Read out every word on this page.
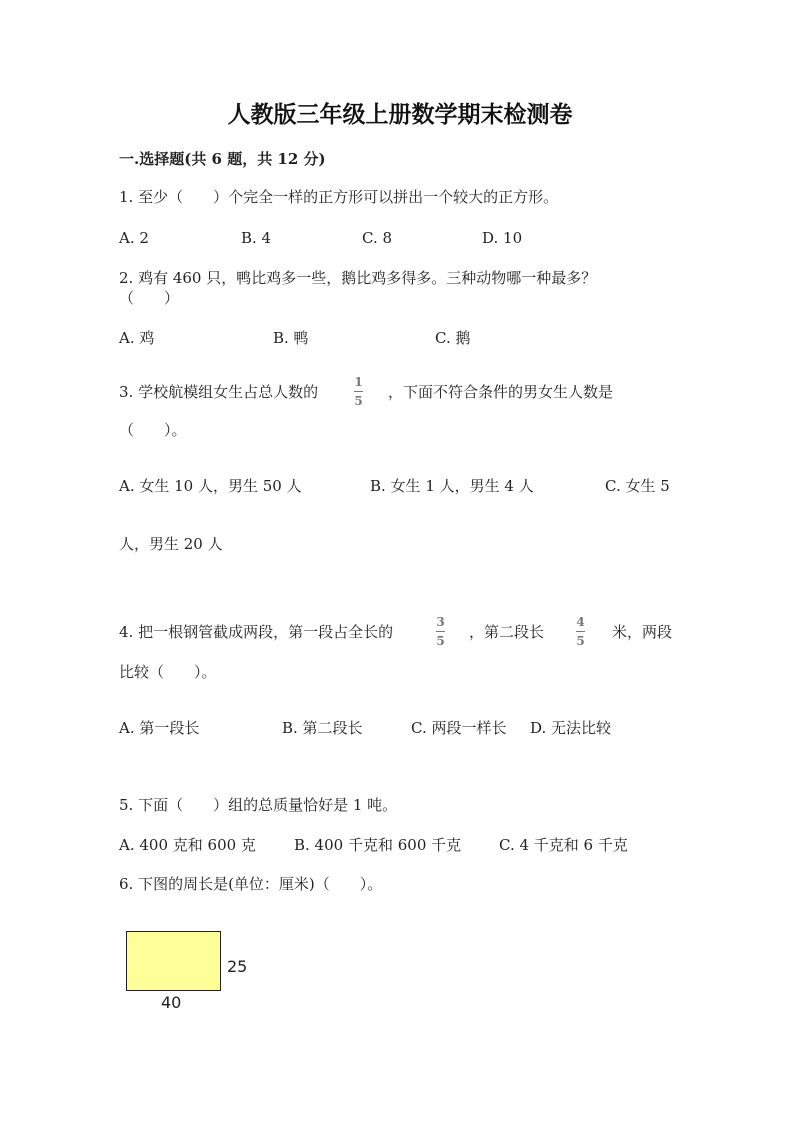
人教版三年级上册数学期末检测卷
一.选择题(共 6 题，共 12 分)
1. 至少（　　）个完全一样的正方形可以拼出一个较大的正方形。
A. 2	B. 4	C. 8	D. 10
2. 鸡有 460 只，鸭比鸡多一些，鹅比鸡多得多。三种动物哪一种最多？
（　　）
A. 鸡	B. 鸭	C. 鹅
3. 学校航模组女生占总人数的
1
5 ，下面不符合条件的男女生人数是
（　　）。
A. 女生 10 人，男生 50 人	B. 女生 1 人，男生 4 人	C. 女生 5
人，男生 20 人
4. 把一根钢管截成两段，第一段占全长的
3
5 ，第二段长
4
5 米，两段
比较（　　）。
A. 第一段长	B. 第二段长	C. 两段一样长 D. 无法比较
5. 下面（　　）组的总质量恰好是 1 吨。
A. 400 克和 600 克	B. 400 千克和 600 千克	C. 4 千克和 6 千克
6. 下图的周长是(单位：厘米)（　　）。
25
40
